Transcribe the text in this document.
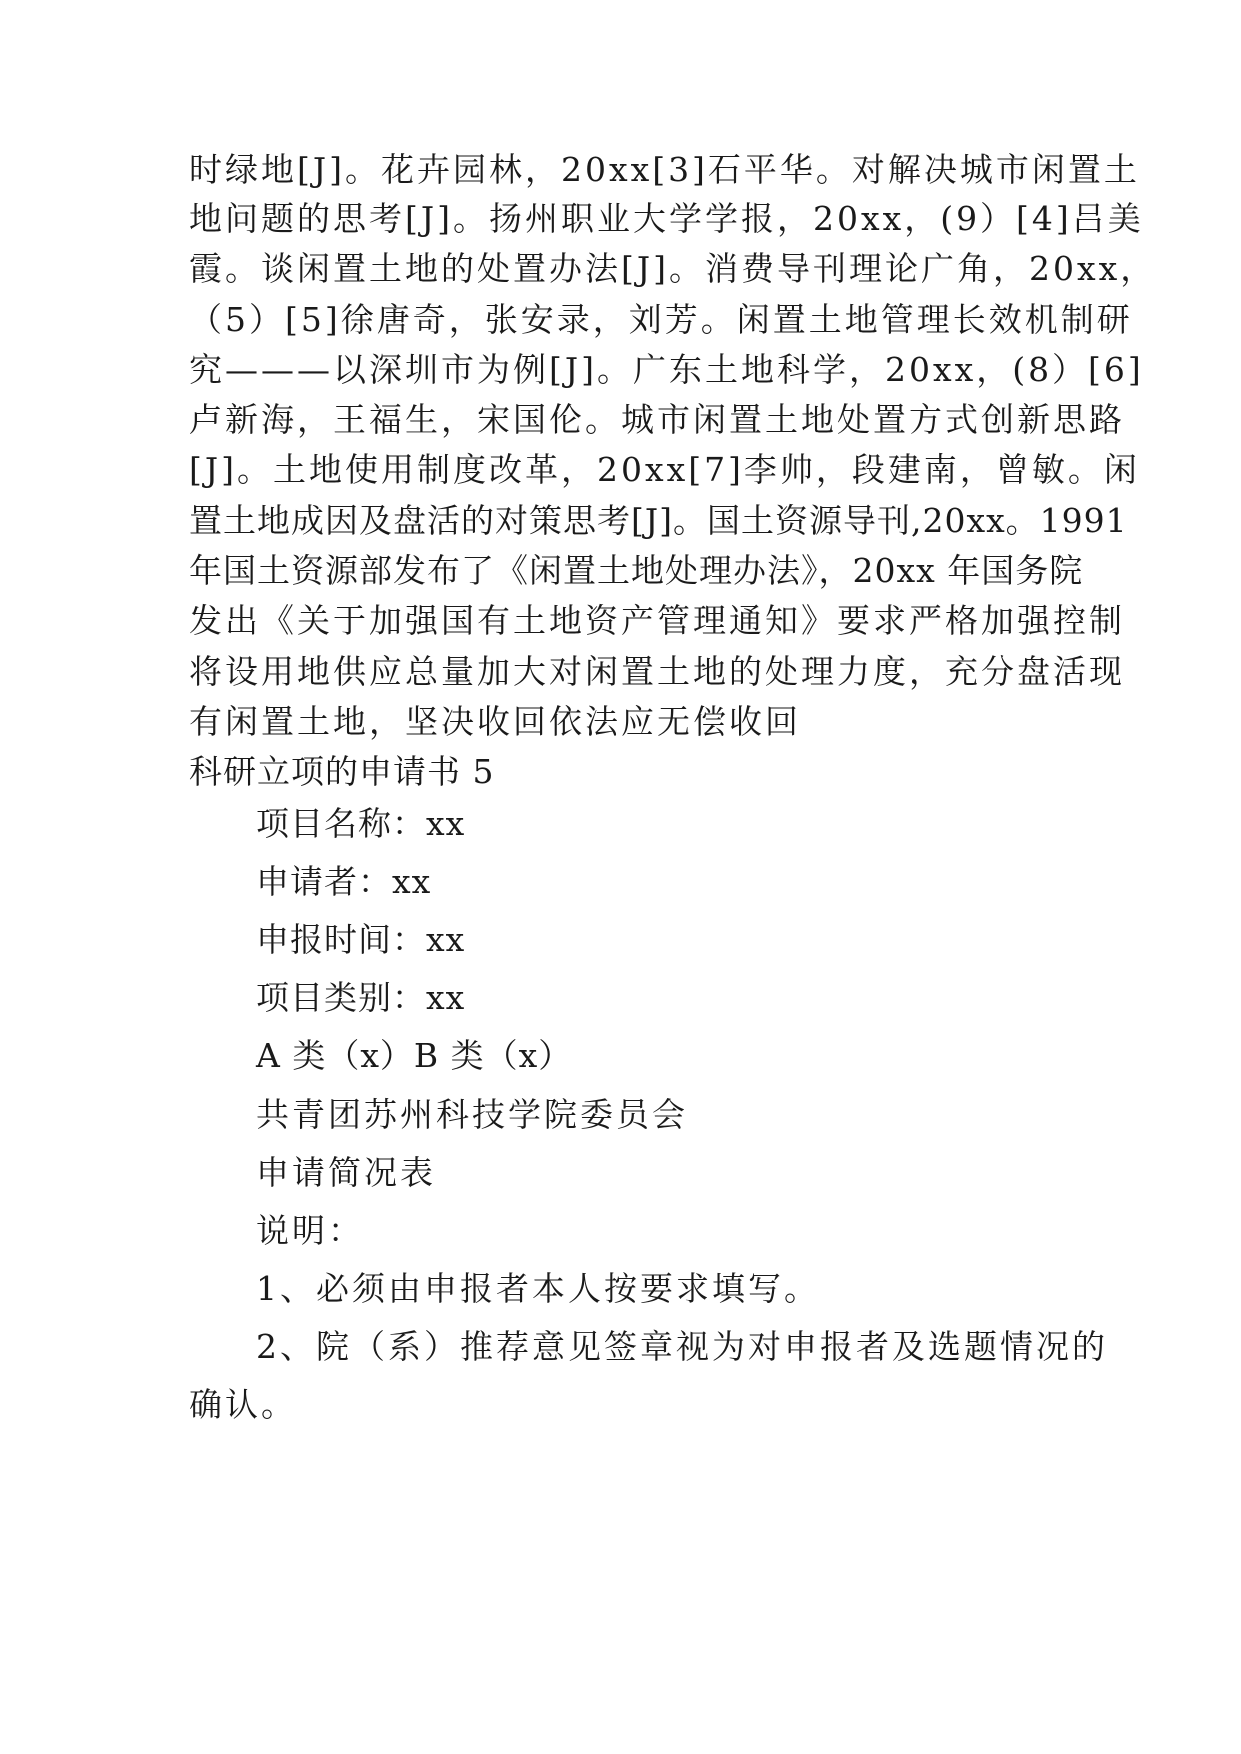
时绿地[J]。花卉园林，20xx[3]石平华。对解决城市闲置土
地问题的思考[J]。扬州职业大学学报，20xx，(9）[4]吕美
霞。谈闲置土地的处置办法[J]。消费导刊理论广角，20xx，
（5）[5]徐唐奇，张安录，刘芳。闲置土地管理长效机制研
究———以深圳市为例[J]。广东土地科学，20xx，(8）[6]
卢新海，王福生，宋国伦。城市闲置土地处置方式创新思路
[J]。土地使用制度改革，20xx[7]李帅，段建南，曾敏。闲
置土地成因及盘活的对策思考[J]。国土资源导刊,20xx。1991
年国土资源部发布了《闲置土地处理办法》，20xx 年国务院
发出《关于加强国有土地资产管理通知》要求严格加强控制
将设用地供应总量加大对闲置土地的处理力度，充分盘活现
有闲置土地，坚决收回依法应无偿收回
科研立项的申请书 5
项目名称：xx
申请者：xx
申报时间：xx
项目类别：xx
A 类（x）B 类（x）
共青团苏州科技学院委员会
申请简况表
说明：
1、必须由申报者本人按要求填写。
2、院（系）推荐意见签章视为对申报者及选题情况的
确认。
